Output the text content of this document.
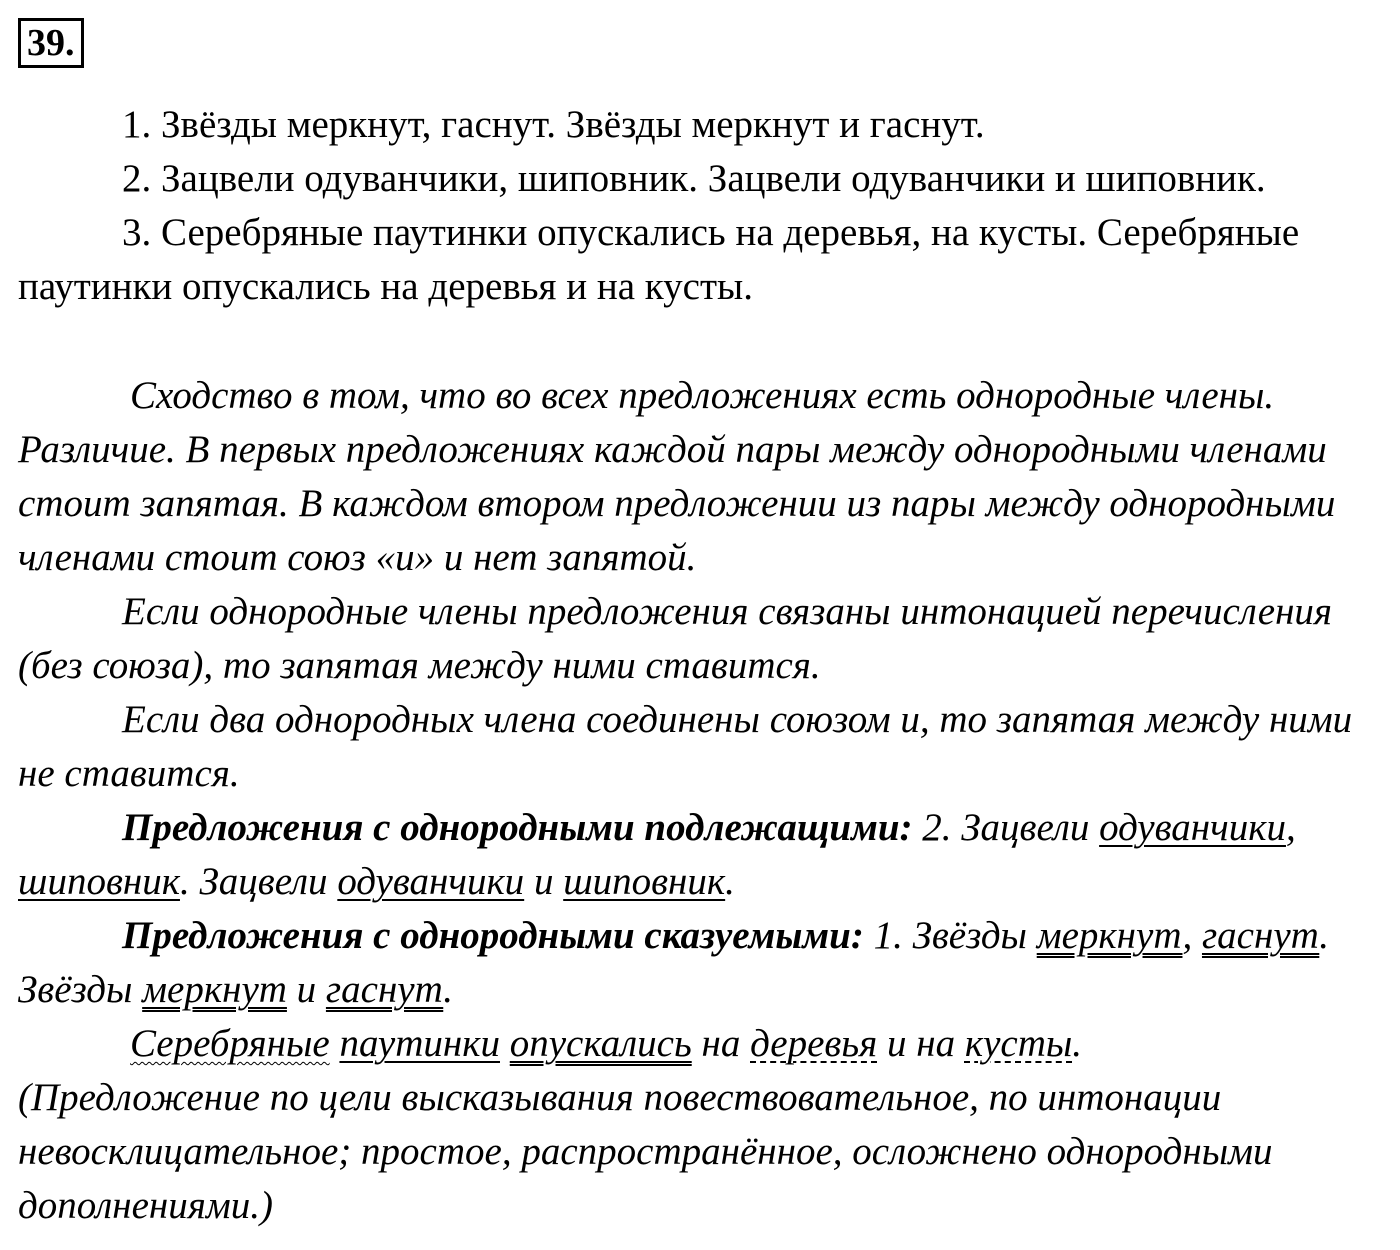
39.

1. Звёзды меркнут, гаснут. Звёзды меркнут и гаснут.

2. Зацвели одуванчики, шиповник. Зацвели одуванчики и шиповник.

3. Серебряные паутинки опускались на деревья, на кусты. Серебряные паутинки опускались на деревья и на кусты.

Сходство в том, что во всех предложениях есть однородные члены. Различие. В первых предложениях каждой пары между однородными членами стоит запятая. В каждом втором предложении из пары между однородными членами стоит союз «и» и нет запятой.

Если однородные члены предложения связаны интонацией перечисления (без союза), то запятая между ними ставится.

Если два однородных члена соединены союзом и, то запятая между ними не ставится.

Предложения с однородными подлежащими: 2. Зацвели одуванчики, шиповник. Зацвели одуванчики и шиповник.

Предложения с однородными сказуемыми: 1. Звёзды меркнут, гаснут. Звёзды меркнут и гаснут.

Серебряные паутинки опускались на деревья и на кусты.
(Предложение по цели высказывания повествовательное, по интонации невосклицательное; простое, распространённое, осложнено однородными дополнениями.)
